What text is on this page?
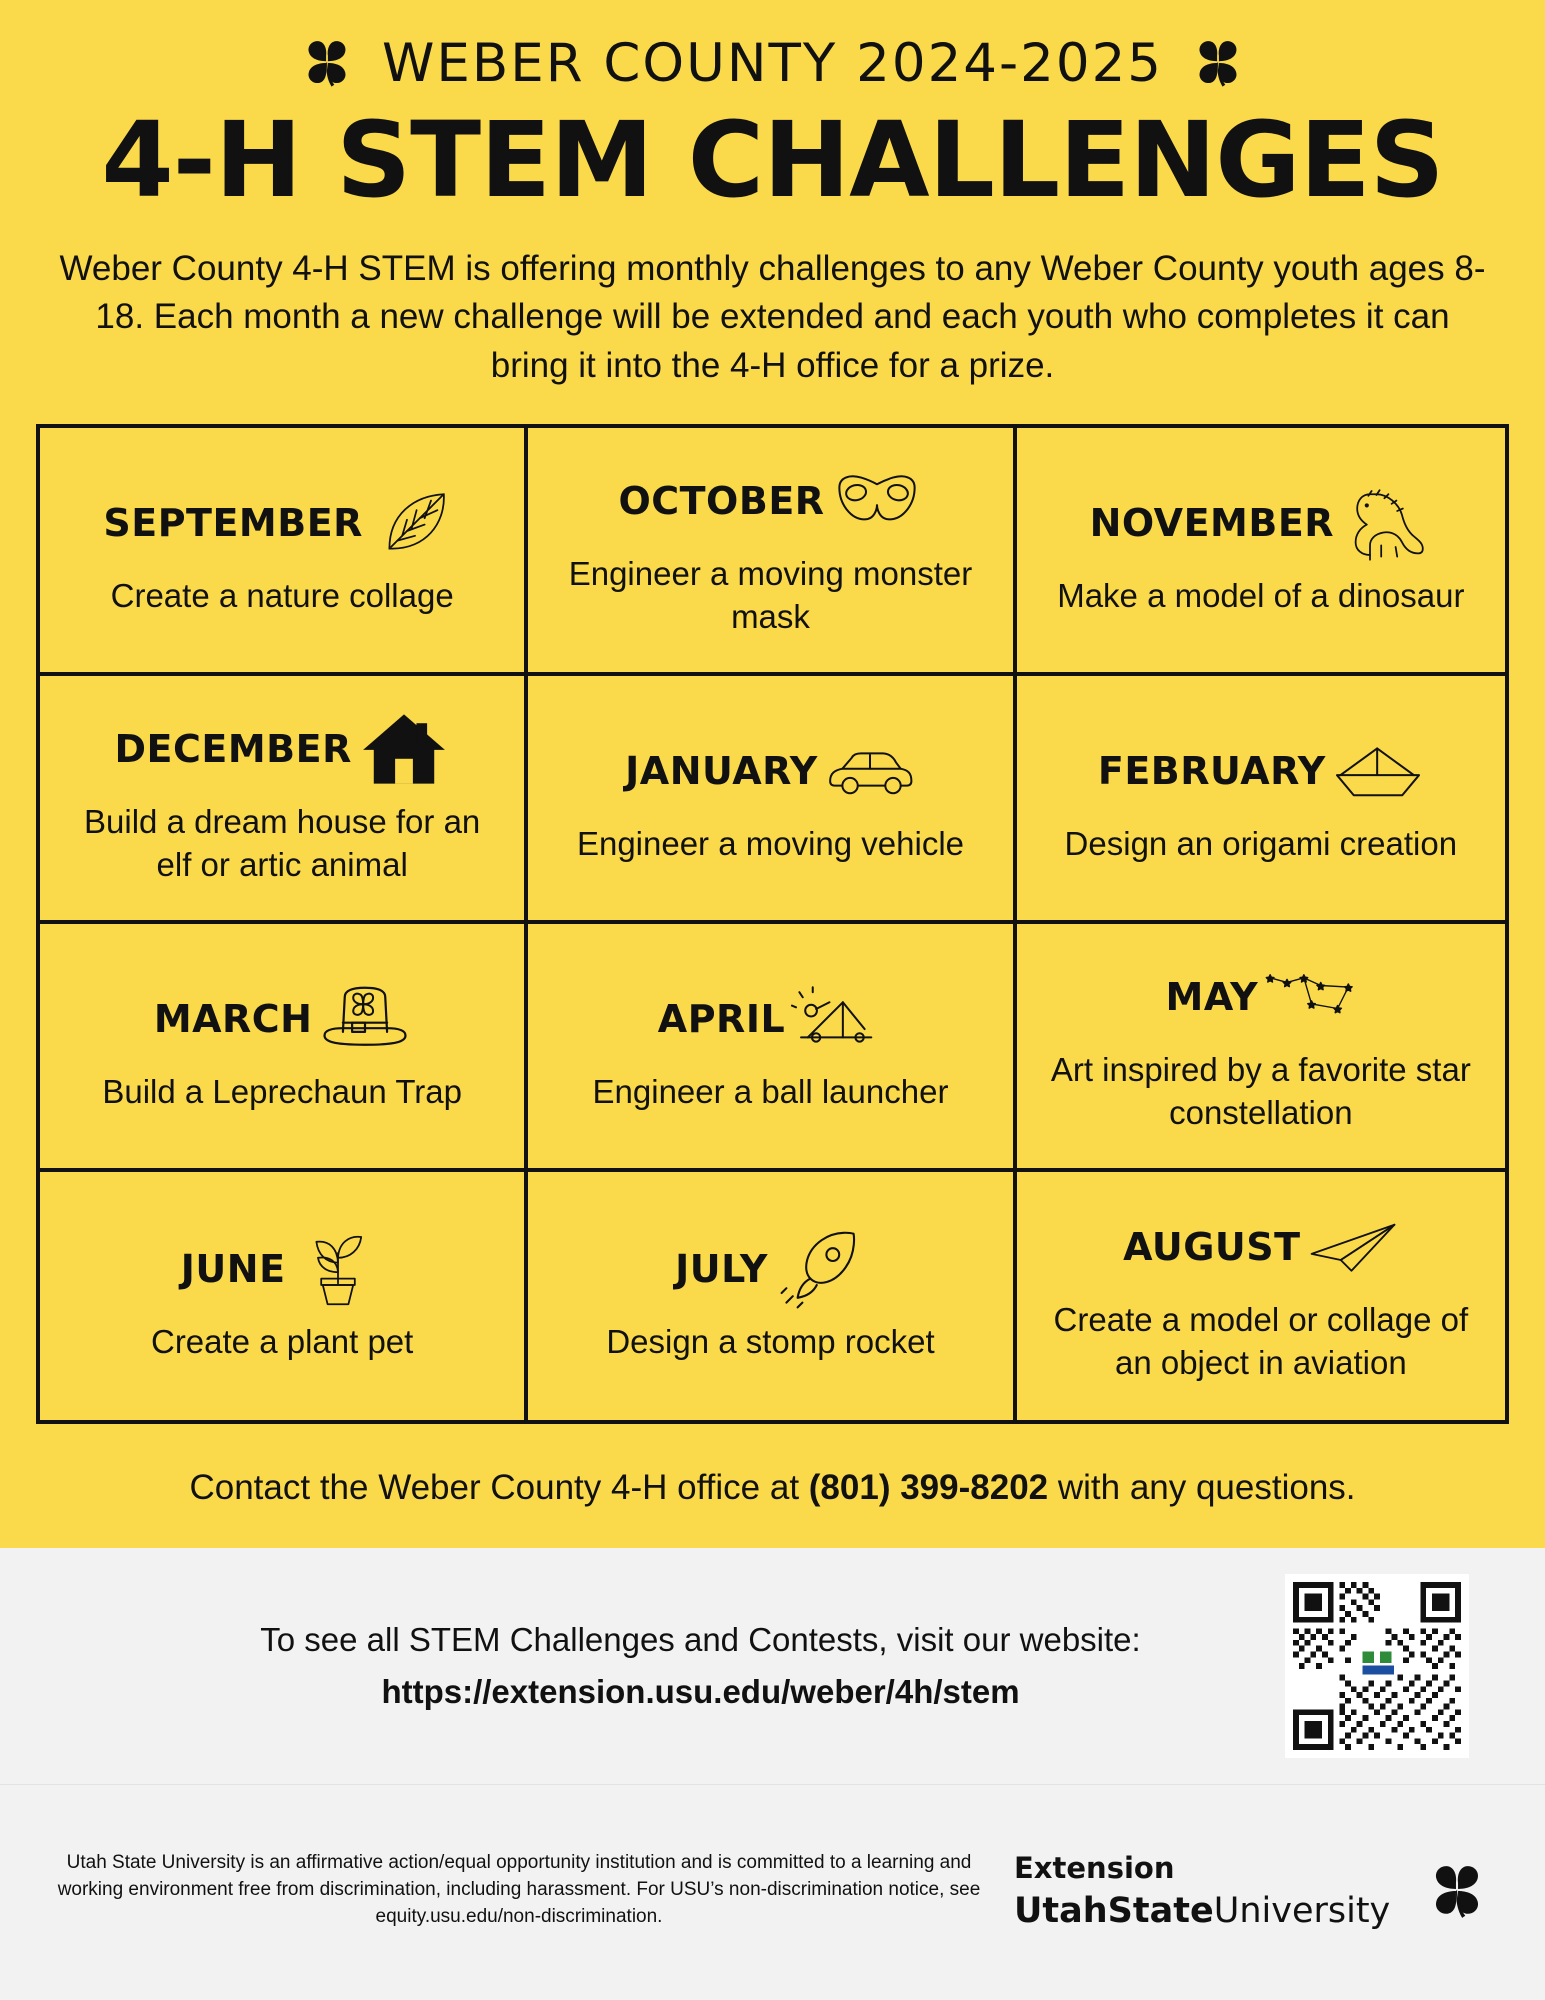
WEBER COUNTY 2024-2025
4-H STEM CHALLENGES
Weber County 4-H STEM is offering monthly challenges to any Weber County youth ages 8-18. Each month a new challenge will be extended and each youth who completes it can bring it into the 4-H office for a prize.
SEPTEMBER
Create a nature collage
OCTOBER
Engineer a moving monster mask
NOVEMBER
Make a model of a dinosaur
DECEMBER
Build a dream house for an elf or artic animal
JANUARY
Engineer a moving vehicle
FEBRUARY
Design an origami creation
MARCH
Build a Leprechaun Trap
APRIL
Engineer a ball launcher
MAY
Art inspired by a favorite star constellation
JUNE
Create a plant pet
JULY
Design a stomp rocket
AUGUST
Create a model or collage of an object in aviation
Contact the Weber County 4-H office at (801) 399-8202 with any questions.
To see all STEM Challenges and Contests, visit our website:
https://extension.usu.edu/weber/4h/stem
Utah State University is an affirmative action/equal opportunity institution and is committed to a learning and working environment free from discrimination, including harassment. For USU’s non-discrimination notice, see equity.usu.edu/non-discrimination.
Extension
UtahStateUniversity
